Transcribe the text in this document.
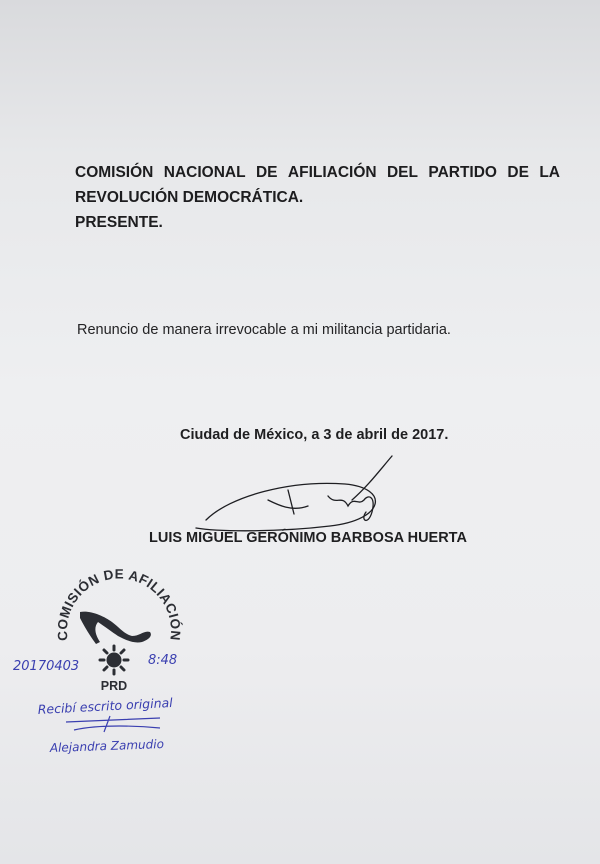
COMISIÓN NACIONAL DE AFILIACIÓN DEL PARTIDO DE LA
REVOLUCIÓN DEMOCRÁTICA.
PRESENTE.
Renuncio de manera irrevocable a mi militancia partidaria.
Ciudad de México, a 3 de abril de 2017.
LUIS MIGUEL GERÓNIMO BARBOSA HUERTA
COMISIÓN DE AFILIACIÓN
PRD
20170403	8:48
Recibí escrito original
Alejandra Zamudio
